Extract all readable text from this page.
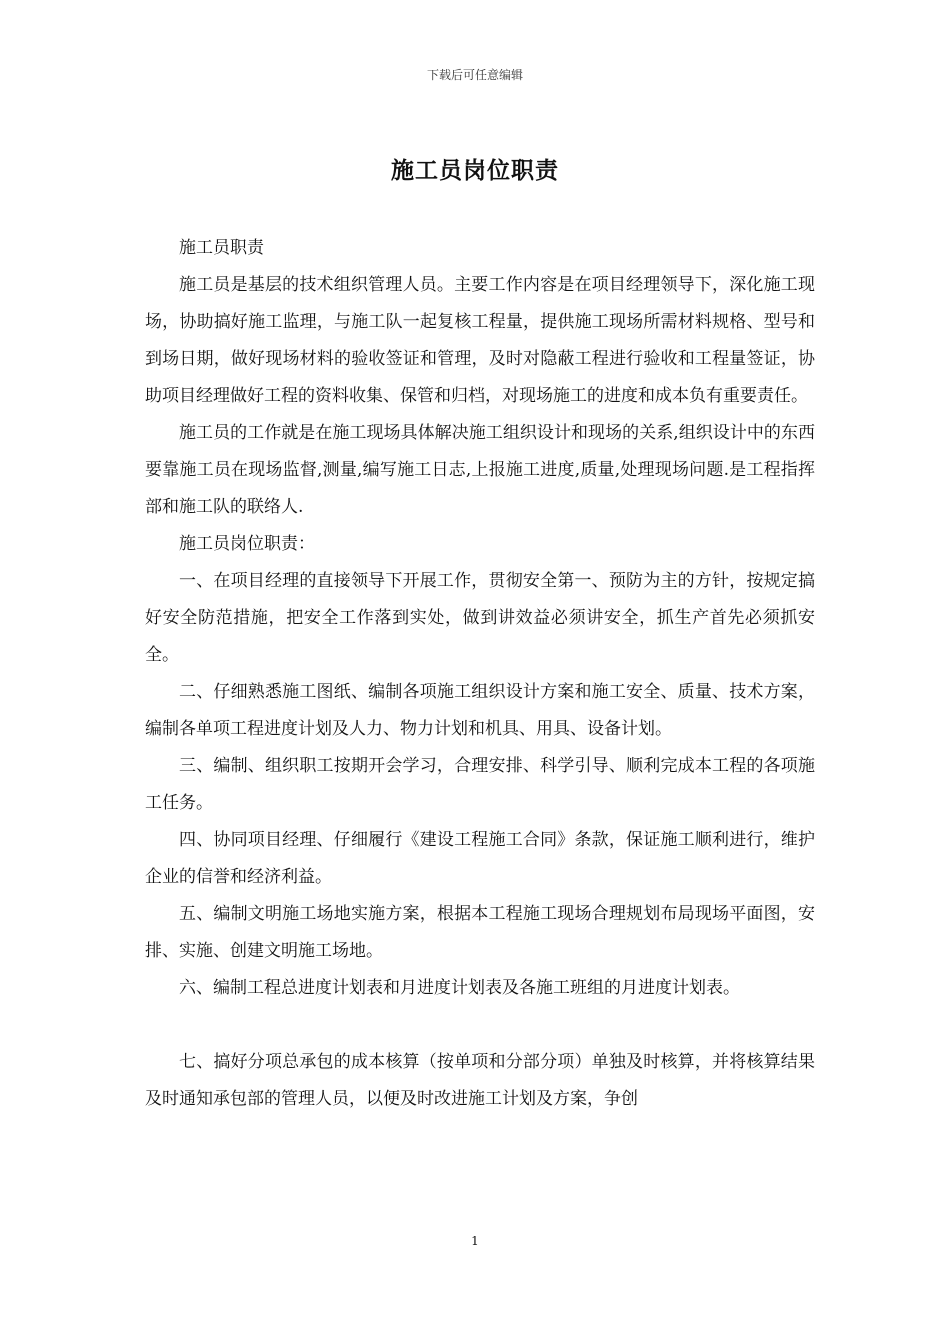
下载后可任意编辑
施工员岗位职责

施工员职责

施工员是基层的技术组织管理人员。主要工作内容是在项目经理领导下，深化施工现场，协助搞好施工监理，与施工队一起复核工程量，提供施工现场所需材料规格、型号和到场日期，做好现场材料的验收签证和管理，及时对隐蔽工程进行验收和工程量签证，协助项目经理做好工程的资料收集、保管和归档，对现场施工的进度和成本负有重要责任。

施工员的工作就是在施工现场具体解决施工组织设计和现场的关系,组织设计中的东西要靠施工员在现场监督,测量,编写施工日志,上报施工进度,质量,处理现场问题.是工程指挥部和施工队的联络人.

施工员岗位职责：

一、在项目经理的直接领导下开展工作，贯彻安全第一、预防为主的方针，按规定搞好安全防范措施，把安全工作落到实处，做到讲效益必须讲安全，抓生产首先必须抓安全。

二、仔细熟悉施工图纸、编制各项施工组织设计方案和施工安全、质量、技术方案，编制各单项工程进度计划及人力、物力计划和机具、用具、设备计划。

三、编制、组织职工按期开会学习，合理安排、科学引导、顺利完成本工程的各项施工任务。

四、协同项目经理、仔细履行《建设工程施工合同》条款，保证施工顺利进行，维护企业的信誉和经济利益。

五、编制文明施工场地实施方案，根据本工程施工现场合理规划布局现场平面图，安排、实施、创建文明施工场地。

六、编制工程总进度计划表和月进度计划表及各施工班组的月进度计划表。

七、搞好分项总承包的成本核算（按单项和分部分项）单独及时核算，并将核算结果及时通知承包部的管理人员，以便及时改进施工计划及方案，争创

1
